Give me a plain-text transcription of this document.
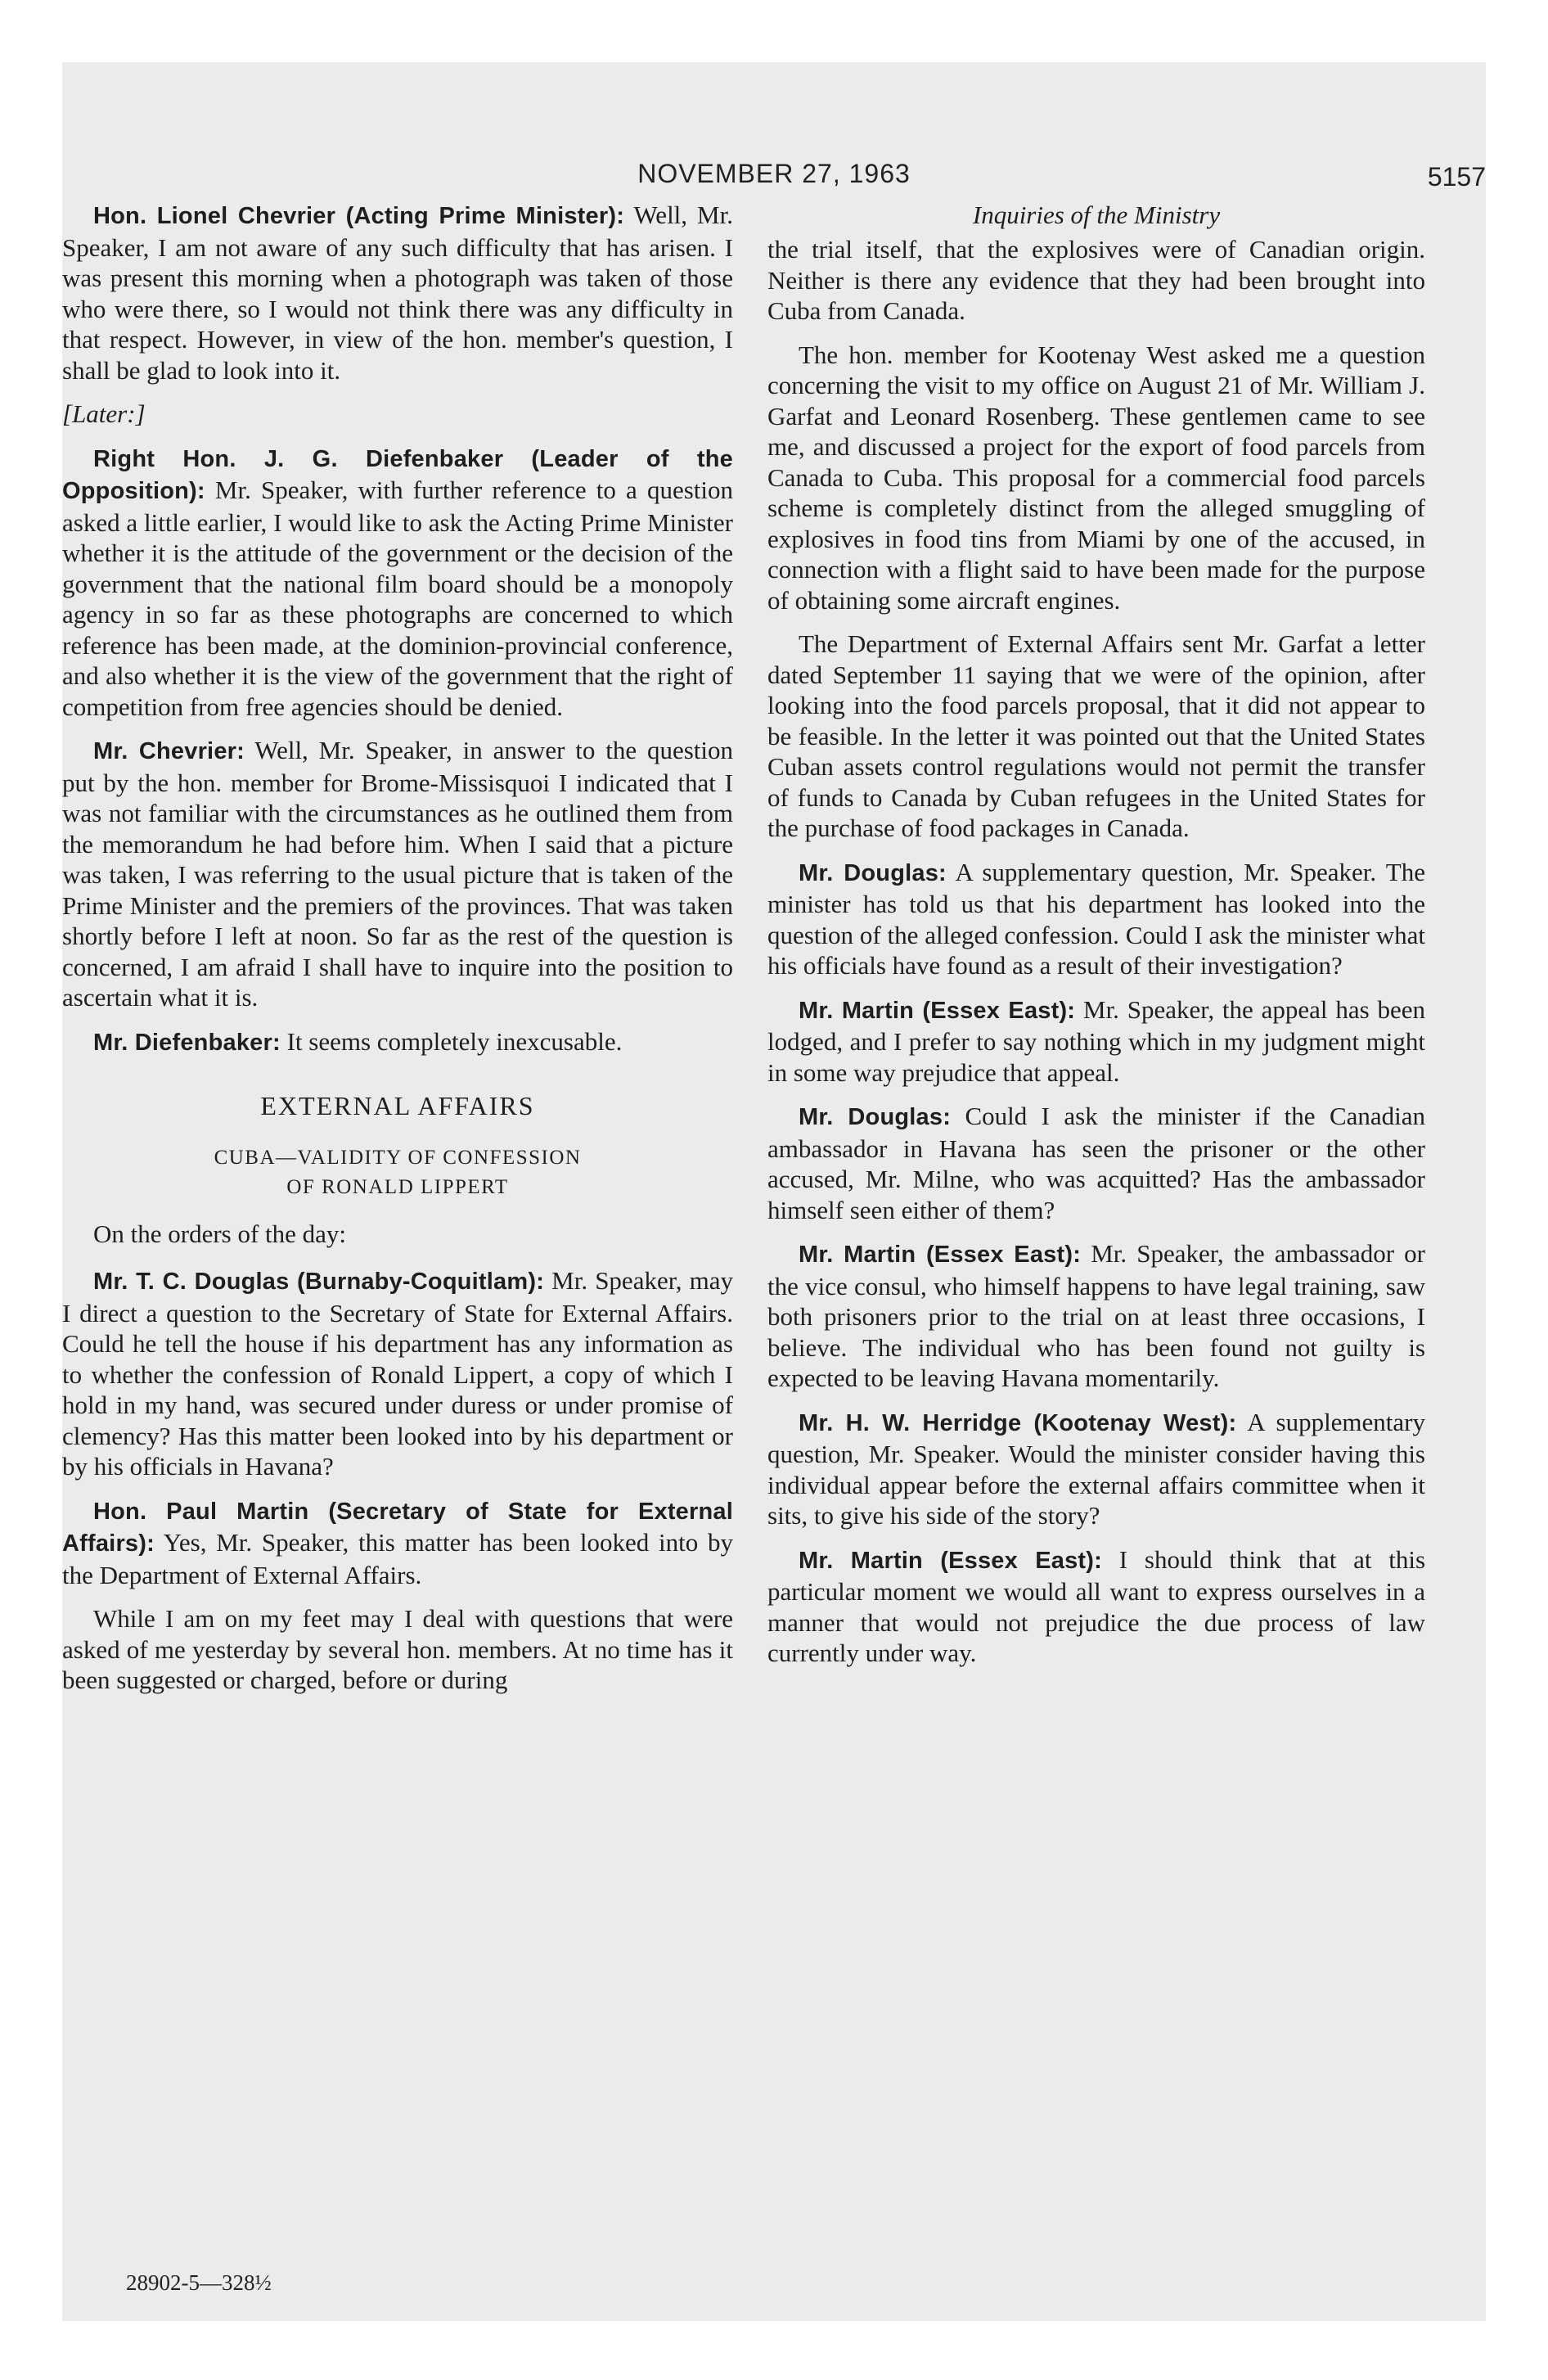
NOVEMBER 27, 1963	5157

Hon. Lionel Chevrier (Acting Prime Minister): Well, Mr. Speaker, I am not aware of any such difficulty that has arisen. I was present this morning when a photograph was taken of those who were there, so I would not think there was any difficulty in that respect. However, in view of the hon. member's question, I shall be glad to look into it.

[Later:]

Right Hon. J. G. Diefenbaker (Leader of the Opposition): Mr. Speaker, with further reference to a question asked a little earlier, I would like to ask the Acting Prime Minister whether it is the attitude of the government or the decision of the government that the national film board should be a monopoly agency in so far as these photographs are concerned to which reference has been made, at the dominion-provincial conference, and also whether it is the view of the government that the right of competition from free agencies should be denied.

Mr. Chevrier: Well, Mr. Speaker, in answer to the question put by the hon. member for Brome-Missisquoi I indicated that I was not familiar with the circumstances as he outlined them from the memorandum he had before him. When I said that a picture was taken, I was referring to the usual picture that is taken of the Prime Minister and the premiers of the provinces. That was taken shortly before I left at noon. So far as the rest of the question is concerned, I am afraid I shall have to inquire into the position to ascertain what it is.

Mr. Diefenbaker: It seems completely inexcusable.

EXTERNAL AFFAIRS
CUBA—VALIDITY OF CONFESSION
OF RONALD LIPPERT

On the orders of the day:

Mr. T. C. Douglas (Burnaby-Coquitlam): Mr. Speaker, may I direct a question to the Secretary of State for External Affairs. Could he tell the house if his department has any information as to whether the confession of Ronald Lippert, a copy of which I hold in my hand, was secured under duress or under promise of clemency? Has this matter been looked into by his department or by his officials in Havana?

Hon. Paul Martin (Secretary of State for External Affairs): Yes, Mr. Speaker, this matter has been looked into by the Department of External Affairs.

While I am on my feet may I deal with questions that were asked of me yesterday by several hon. members. At no time has it been suggested or charged, before or during

28902-5—328½
Inquiries of the Ministry

the trial itself, that the explosives were of Canadian origin. Neither is there any evidence that they had been brought into Cuba from Canada.

The hon. member for Kootenay West asked me a question concerning the visit to my office on August 21 of Mr. William J. Garfat and Leonard Rosenberg. These gentlemen came to see me, and discussed a project for the export of food parcels from Canada to Cuba. This proposal for a commercial food parcels scheme is completely distinct from the alleged smuggling of explosives in food tins from Miami by one of the accused, in connection with a flight said to have been made for the purpose of obtaining some aircraft engines.

The Department of External Affairs sent Mr. Garfat a letter dated September 11 saying that we were of the opinion, after looking into the food parcels proposal, that it did not appear to be feasible. In the letter it was pointed out that the United States Cuban assets control regulations would not permit the transfer of funds to Canada by Cuban refugees in the United States for the purchase of food packages in Canada.

Mr. Douglas: A supplementary question, Mr. Speaker. The minister has told us that his department has looked into the question of the alleged confession. Could I ask the minister what his officials have found as a result of their investigation?

Mr. Martin (Essex East): Mr. Speaker, the appeal has been lodged, and I prefer to say nothing which in my judgment might in some way prejudice that appeal.

Mr. Douglas: Could I ask the minister if the Canadian ambassador in Havana has seen the prisoner or the other accused, Mr. Milne, who was acquitted? Has the ambassador himself seen either of them?

Mr. Martin (Essex East): Mr. Speaker, the ambassador or the vice consul, who himself happens to have legal training, saw both prisoners prior to the trial on at least three occasions, I believe. The individual who has been found not guilty is expected to be leaving Havana momentarily.

Mr. H. W. Herridge (Kootenay West): A supplementary question, Mr. Speaker. Would the minister consider having this individual appear before the external affairs committee when it sits, to give his side of the story?

Mr. Martin (Essex East): I should think that at this particular moment we would all want to express ourselves in a manner that would not prejudice the due process of law currently under way.
